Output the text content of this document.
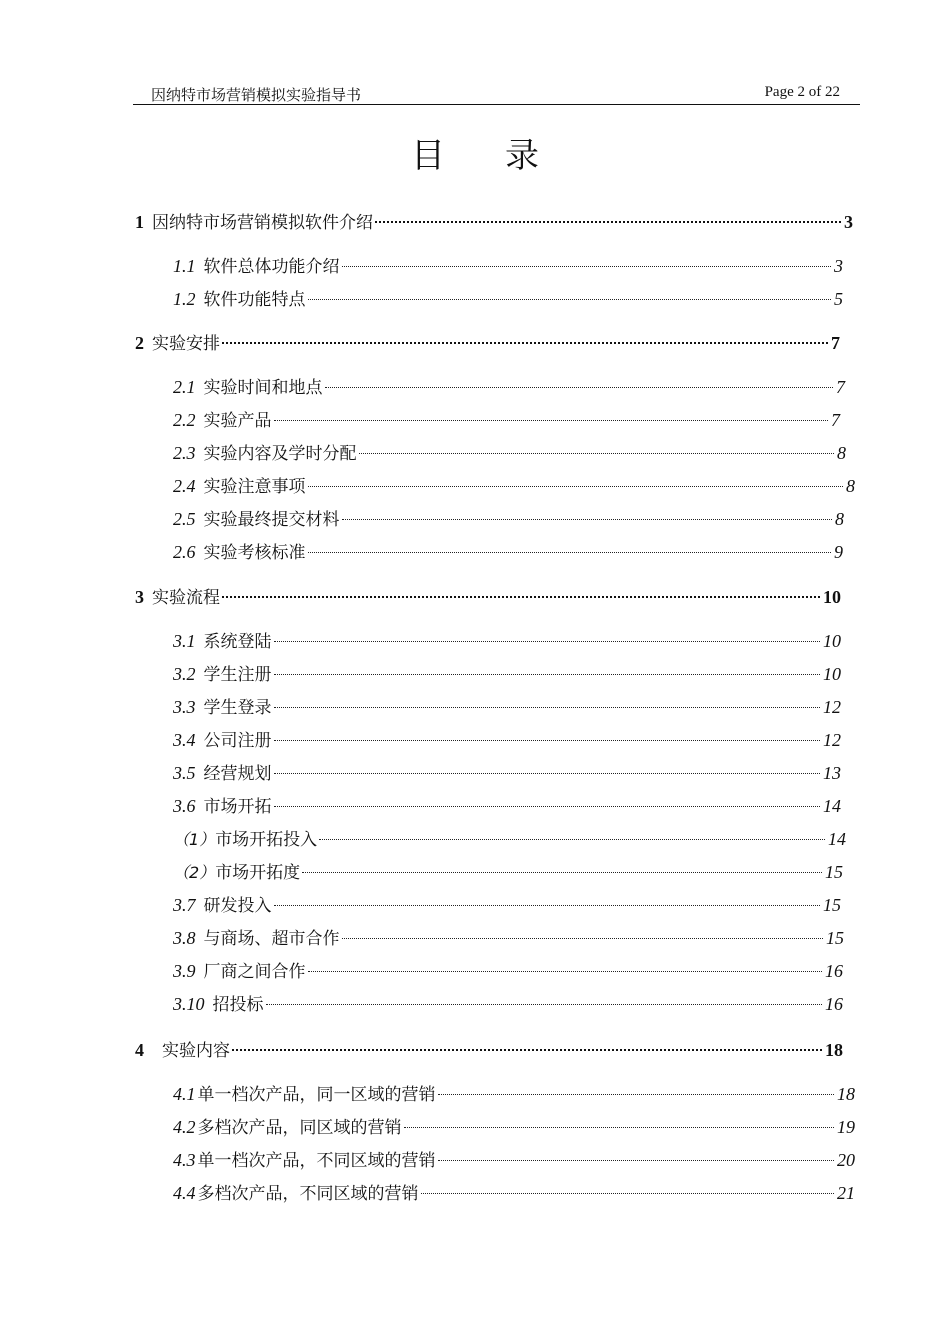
因纳特市场营销模拟实验指导书	Page 2 of 22
目录
1 因纳特市场营销模拟软件介绍	3
1.1 软件总体功能介绍	3
1.2 软件功能特点	5
2 实验安排	7
2.1 实验时间和地点	7
2.2 实验产品	7
2.3 实验内容及学时分配	8
2.4 实验注意事项	8
2.5 实验最终提交材料	8
2.6 实验考核标准	9
3 实验流程	10
3.1 系统登陆	10
3.2 学生注册	10
3.3 学生登录	12
3.4 公司注册	12
3.5 经营规划	13
3.6 市场开拓	14
（1）市场开拓投入	14
（2）市场开拓度	15
3.7 研发投入	15
3.8 与商场、超市合作	15
3.9 厂商之间合作	16
3.10 招投标	16
4 实验内容	18
4.1 单一档次产品，同一区域的营销	18
4.2 多档次产品，同区域的营销	19
4.3 单一档次产品，不同区域的营销	20
4.4 多档次产品，不同区域的营销	21
